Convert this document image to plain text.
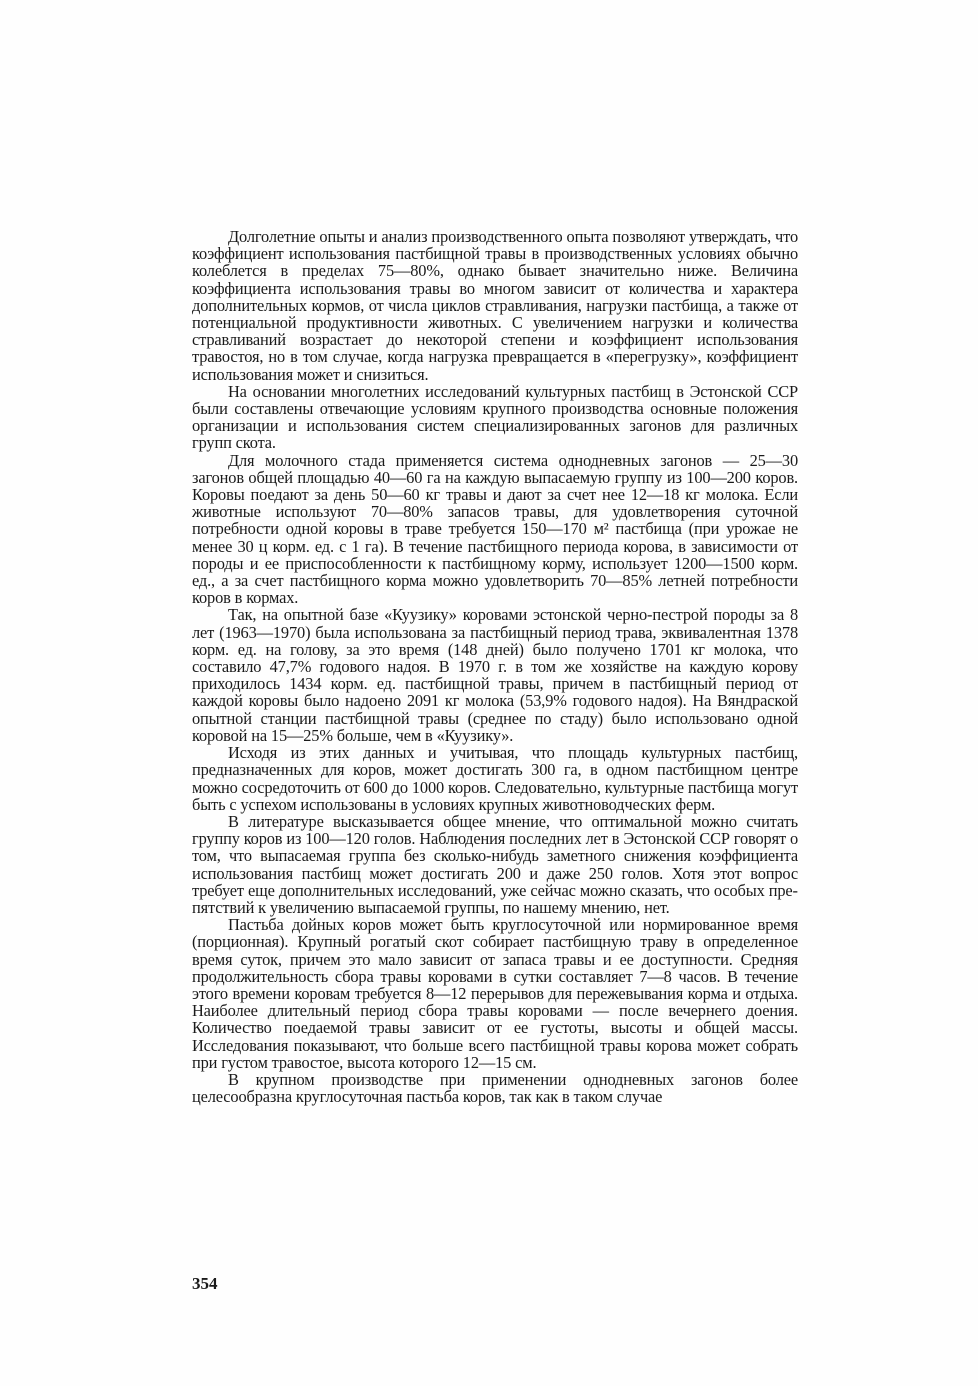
Долголетние опыты и анализ производственного опыта позволяют утверждать, что коэффициент использования пастбищной травы в производственных условиях обычно колеблется в пределах 75—80%, однако бывает значительно ниже. Величина коэффициента использования травы во многом зависит от количества и характера дополнительных кормов, от числа циклов стравливания, нагрузки пастбища, а также от потенциальной продуктивности животных. С увеличением нагрузки и количества стравливаний возрастает до некоторой степени и коэффициент использования травостоя, но в том случае, когда нагрузка превращается в «перегрузку», коэффициент использования может и снизиться.

На основании многолетних исследований культурных пастбищ в Эстонской ССР были составлены отвечающие условиям крупного производства основные положения организации и использования систем специализированных загонов для различных групп скота.

Для молочного стада применяется система однодневных загонов — 25—30 загонов общей площадью 40—60 га на каждую выпасаемую группу из 100—200 коров. Коровы поедают за день 50—60 кг травы и дают за счет нее 12—18 кг молока. Если животные используют 70—80% запасов травы, для удовлетворения суточной потребности одной коровы в траве требуется 150—170 м² пастбища (при урожае не менее 30 ц корм. ед. с 1 га). В течение пастбищного периода корова, в зависимости от породы и ее приспособленности к пастбищному корму, использует 1200—1500 корм. ед., а за счет пастбищного корма можно удовлетворить 70—85% летней потребности коров в кормах.

Так, на опытной базе «Куузику» коровами эстонской черно-пестрой породы за 8 лет (1963—1970) была использована за пастбищный период трава, эквивалентная 1378 корм. ед. на голову, за это время (148 дней) было получено 1701 кг молока, что составило 47,7% годового надоя. В 1970 г. в том же хозяйстве на каждую корову приходилось 1434 корм. ед. пастбищной травы, причем в пастбищный период от каждой коровы было надоено 2091 кг молока (53,9% годового надоя). На Вяндраской опытной станции пастбищной травы (среднее по стаду) было использовано одной коровой на 15—25% больше, чем в «Куузику».

Исходя из этих данных и учитывая, что площадь культурных пастбищ, предназначенных для коров, может достигать 300 га, в одном пастбищном центре можно сосредоточить от 600 до 1000 коров. Следовательно, культурные пастбища могут быть с успехом использованы в условиях крупных животноводческих ферм.

В литературе высказывается общее мнение, что оптимальной можно считать группу коров из 100—120 голов. Наблюдения последних лет в Эстонской ССР говорят о том, что выпасаемая группа без сколько-нибудь заметного снижения коэффициента использования пастбищ может достигать 200 и даже 250 голов. Хотя этот вопрос требует еще дополнительных исследований, уже сейчас можно сказать, что особых препятствий к увеличению выпасаемой группы, по нашему мнению, нет.

Пастьба дойных коров может быть круглосуточной или нормированное время (порционная). Крупный рогатый скот собирает пастбищную траву в определенное время суток, причем это мало зависит от запаса травы и ее доступности. Средняя продолжительность сбора травы коровами в сутки составляет 7—8 часов. В течение этого времени коровам требуется 8—12 перерывов для пережевывания корма и отдыха. Наиболее длительный период сбора травы коровами — после вечернего доения. Количество поедаемой травы зависит от ее густоты, высоты и общей массы. Исследования показывают, что больше всего пастбищной травы корова может собрать при густом травостое, высота которого 12—15 см.

В крупном производстве при применении однодневных загонов более целесообразна круглосуточная пастьба коров, так как в таком случае

354
